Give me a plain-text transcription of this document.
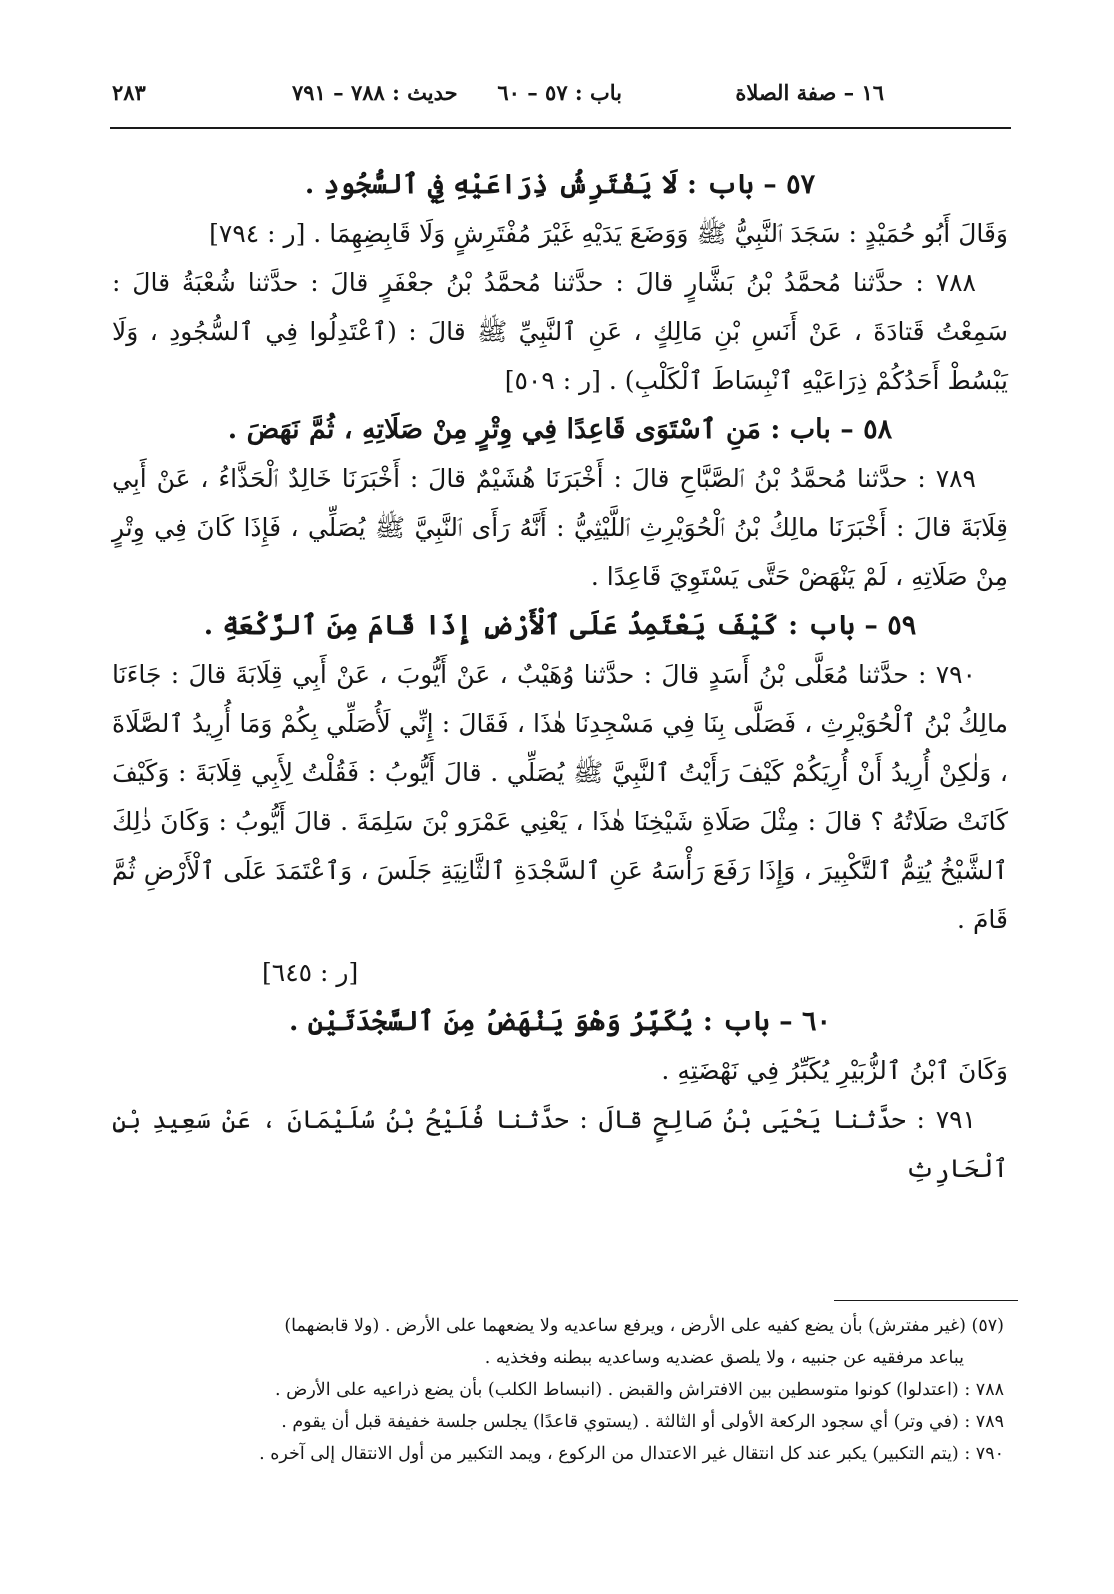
١٦ – صفة الصلاة
باب : ٥٧ – ٦٠
حديث : ٧٨٨ – ٧٩١
٢٨٣

٥٧ – باب : لَا يَفْتَرِشُ ذِرَاعَيْهِ فِي ٱلسُّجُودِ .

وَقَالَ أَبُو حُمَيْدٍ : سَجَدَ ٱلنَّبِيُّ ﷺ وَوَضَعَ يَدَيْهِ غَيْرَ مُفْتَرِشٍ وَلَا قَابِضِهِمَا . [ر : ٧٩٤]

٧٨٨ : حدَّثنا مُحمَّدُ بْنُ بَشَّارٍ قالَ : حدَّثنا مُحمَّدُ بْنُ جعْفَرٍ قالَ : حدَّثنا شُعْبَةُ قالَ : سَمِعْتُ قَتادَةَ ، عَنْ أَنَسِ بْنِ مَالِكٍ ، عَنِ ٱلنَّبِيِّ ﷺ قالَ : (ٱعْتَدِلُوا فِي ٱلسُّجُودِ ، وَلَا يَبْسُطْ أَحَدُكُمْ ذِرَاعَيْهِ ٱنْبِسَاطَ ٱلْكَلْبِ) . [ر : ٥٠٩]

٥٨ – باب : مَنِ ٱسْتَوَى قَاعِدًا فِي وِتْرٍ مِنْ صَلَاتِهِ ، ثُمَّ نَهَضَ .

٧٨٩ : حدَّثنا مُحمَّدُ بْنُ ٱلصَّبَّاحِ قالَ : أَخْبَرَنَا هُشَيْمٌ قالَ : أَخْبَرَنَا خَالِدٌ ٱلْحَذَّاءُ ، عَنْ أَبِي قِلَابَةَ قالَ : أَخْبَرَنَا مالِكُ بْنُ ٱلْحُوَيْرِثِ ٱللَّيْثِيُّ : أَنَّهُ رَأَى ٱلنَّبِيَّ ﷺ يُصَلِّي ، فَإِذَا كَانَ فِي وِتْرٍ مِنْ صَلَاتِهِ ، لَمْ يَنْهَضْ حَتَّى يَسْتَوِيَ قَاعِدًا .

٥٩ – باب : كَيْفَ يَعْتَمِدُ عَلَى ٱلْأَرْضِ إِذَا قَامَ مِنَ ٱلرَّكْعَةِ .

٧٩٠ : حدَّثنا مُعَلَّى بْنُ أَسَدٍ قالَ : حدَّثنا وُهَيْبٌ ، عَنْ أَيُّوبَ ، عَنْ أَبِي قِلَابَةَ قالَ : جَاءَنَا مالِكُ بْنُ ٱلْحُوَيْرِثِ ، فَصَلَّى بِنَا فِي مَسْجِدِنَا هٰذَا ، فَقَالَ : إِنِّي لَأُصَلِّي بِكُمْ وَمَا أُرِيدُ ٱلصَّلَاةَ ، وَلٰكِنْ أُرِيدُ أَنْ أُرِيَكُمْ كَيْفَ رَأَيْتُ ٱلنَّبِيَّ ﷺ يُصَلِّي . قالَ أَيُّوبُ : فَقُلْتُ لِأَبِي قِلَابَةَ : وَكَيْفَ كَانَتْ صَلَاتُهُ ؟ قالَ : مِثْلَ صَلَاةِ شَيْخِنَا هٰذَا ، يَعْنِي عَمْرَو بْنَ سَلِمَةَ . قالَ أَيُّوبُ : وَكَانَ ذٰلِكَ ٱلشَّيْخُ يُتِمُّ ٱلتَّكْبِيرَ ، وَإِذَا رَفَعَ رَأْسَهُ عَنِ ٱلسَّجْدَةِ ٱلثَّانِيَةِ جَلَسَ ، وَٱعْتَمَدَ عَلَى ٱلْأَرْضِ ثُمَّ قَامَ .

[ر : ٦٤٥]

٦٠ – باب : يُكَبِّرُ وَهْوَ يَنْهَضُ مِنَ ٱلسَّجْدَتَيْنِ .

وَكَانَ ٱبْنُ ٱلزُّبَيْرِ يُكَبِّرُ فِي نَهْضَتِهِ .

٧٩١ : حدَّثنا يَحْيَى بْنُ صَالِحٍ قالَ : حدَّثنا فُلَيْحُ بْنُ سُلَيْمَانَ ، عَنْ سَعِيدِ بْنِ ٱلْحَارِثِ

(٥٧) (غير مفترش) بأن يضع كفيه على الأرض ، ويرفع ساعديه ولا يضعهما على الأرض . (ولا قابضهما)

يباعد مرفقيه عن جنبيه ، ولا يلصق عضديه وساعديه ببطنه وفخذيه .

٧٨٨ : (اعتدلوا) كونوا متوسطين بين الافتراش والقبض . (انبساط الكلب) بأن يضع ذراعيه على الأرض .

٧٨٩ : (في وتر) أي سجود الركعة الأولى أو الثالثة . (يستوي قاعدًا) يجلس جلسة خفيفة قبل أن يقوم .

٧٩٠ : (يتم التكبير) يكبر عند كل انتقال غير الاعتدال من الركوع ، ويمد التكبير من أول الانتقال إلى آخره .
